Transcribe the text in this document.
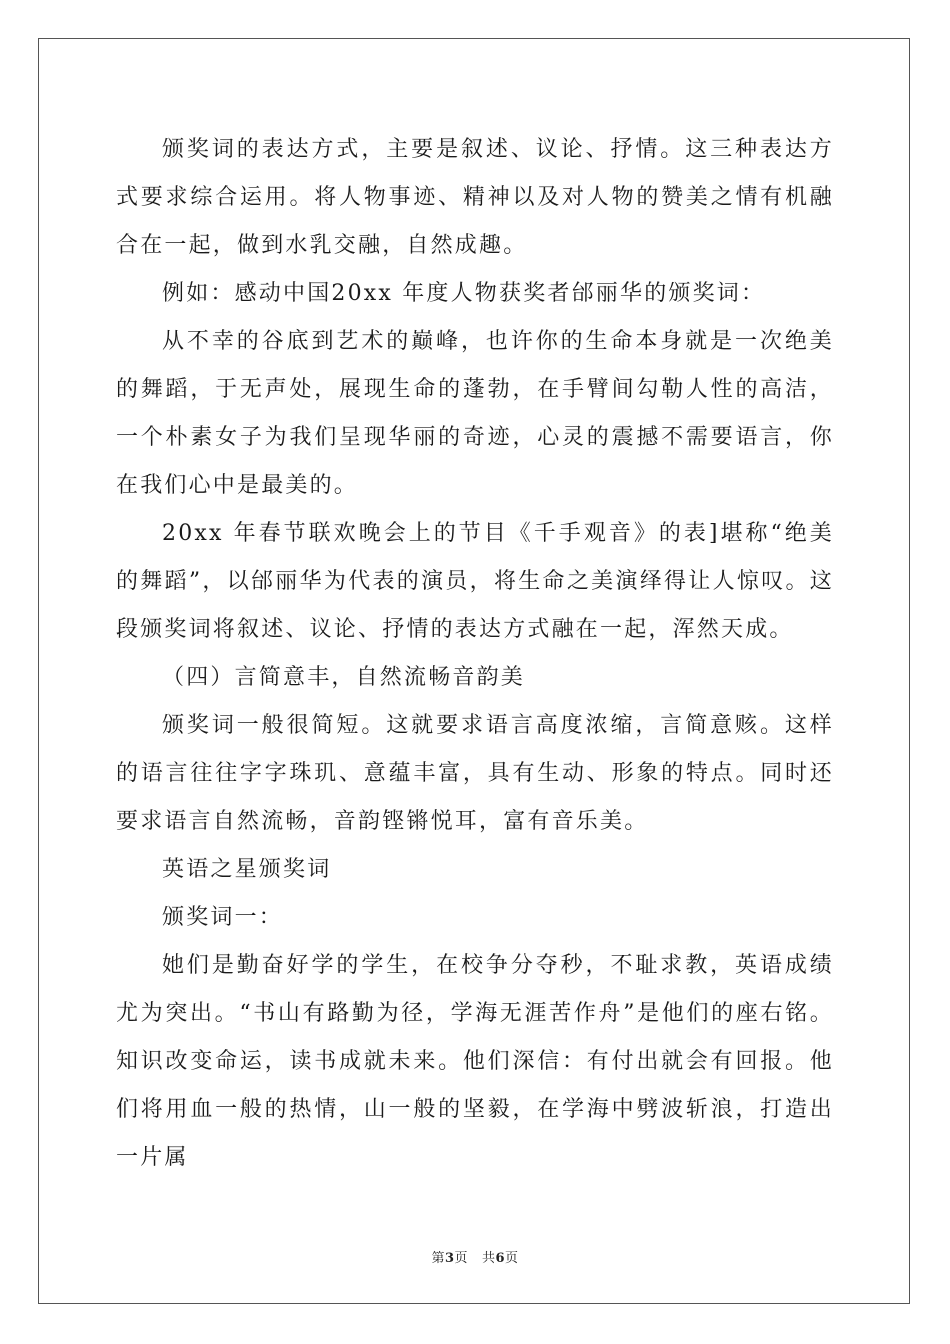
颁奖词的表达方式，主要是叙述、议论、抒情。这三种表达方式要求综合运用。将人物事迹、精神以及对人物的赞美之情有机融合在一起，做到水乳交融，自然成趣。

例如：感动中国20xx 年度人物获奖者邰丽华的颁奖词：

从不幸的谷底到艺术的巅峰，也许你的生命本身就是一次绝美的舞蹈，于无声处，展现生命的蓬勃，在手臂间勾勒人性的高洁，一个朴素女子为我们呈现华丽的奇迹，心灵的震撼不需要语言，你在我们心中是最美的。

20xx 年春节联欢晚会上的节目《千手观音》的表]堪称“绝美的舞蹈”，以邰丽华为代表的演员，将生命之美演绎得让人惊叹。这段颁奖词将叙述、议论、抒情的表达方式融在一起，浑然天成。

（四）言简意丰，自然流畅音韵美

颁奖词一般很简短。这就要求语言高度浓缩，言简意赅。这样的语言往往字字珠玑、意蕴丰富，具有生动、形象的特点。同时还要求语言自然流畅，音韵铿锵悦耳，富有音乐美。

英语之星颁奖词

颁奖词一：

她们是勤奋好学的学生，在校争分夺秒，不耻求教，英语成绩尤为突出。“书山有路勤为径，学海无涯苦作舟”是他们的座右铭。知识改变命运，读书成就未来。他们深信：有付出就会有回报。他们将用血一般的热情，山一般的坚毅，在学海中劈波斩浪，打造出一片属

第3页 共6页
